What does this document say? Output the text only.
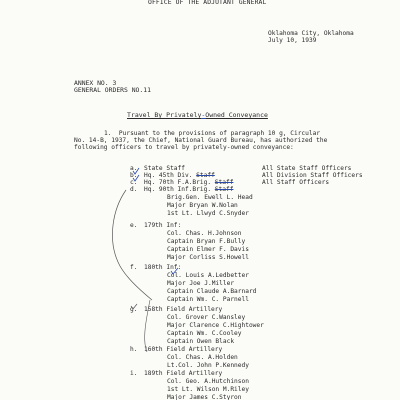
OFFICE OF THE ADJUTANT GENERAL
Oklahoma City, Oklahoma
July 10, 1939
ANNEX NO. 3
GENERAL ORDERS NO.11
Travel By Privately-Owned Conveyance
1.  Pursuant to the provisions of paragraph 10 g, Circular
No. 14-B, 1937, the Chief, National Guard Bureau, has authorized the
following officers to travel by privately-owned conveyance:
a. State Staff	All State Staff Officers
b. Hq. 45th Div. Staff	All Division Staff Officers
c. Hq. 70th F.A.Brig. Staff	All Staff Officers
d. Hq. 90th Inf.Brig. Staff
Brig.Gen. Ewell L. Head
Major Bryan W.Nolan
1st Lt. Llwyd C.Snyder
e. 179th Inf:
Col. Chas. H.Johnson
Captain Bryan F.Bully
Captain Elmer F. Davis
Major Corliss S.Howell
f. 180th Inf:
Col. Louis A.Ledbetter
Major Joe J.Miller
Captain Claude A.Barnard
Captain Wm. C. Parnell
g. 158th Field Artillery
Col. Grover C.Wansley
Major Clarence C.Hightower
Captain Wm. C.Cooley
Captain Owen Black
h. 160th Field Artillery
Col. Chas. A.Holden
Lt.Col. John P.Kennedy
i. 189th Field Artillery
Col. Geo. A.Hutchinson
1st Lt. Wilson M.Riley
Major James C.Styron
